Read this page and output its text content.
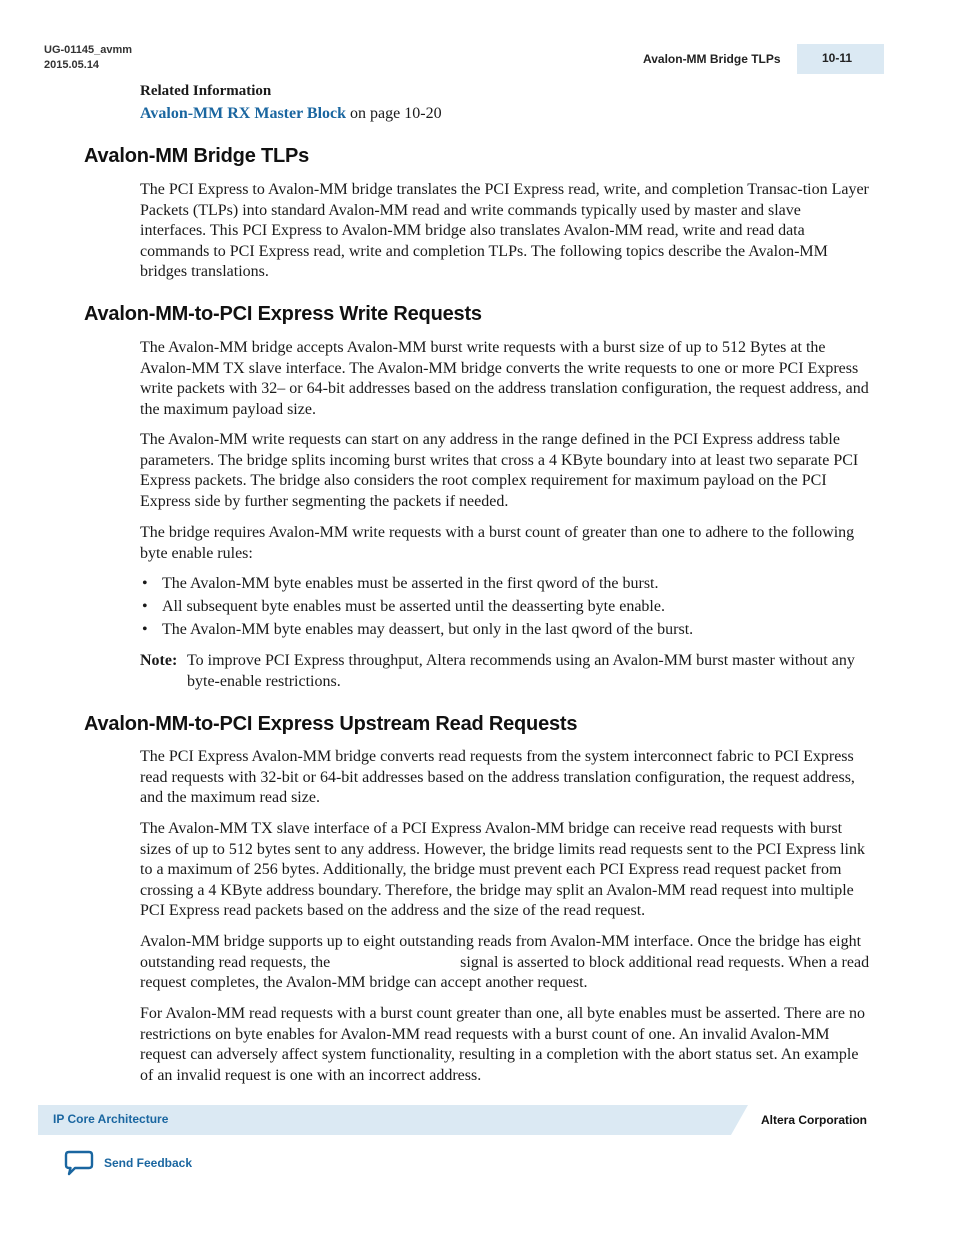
UG-01145_avmm
2015.05.14	Avalon-MM Bridge TLPs	10-11
Related Information
Avalon-MM RX Master Block on page 10-20
Avalon-MM Bridge TLPs

The PCI Express to Avalon‑MM bridge translates the PCI Express read, write, and completion Transac-tion Layer Packets (TLPs) into standard Avalon‑MM read and write commands typically used by master and slave interfaces. This PCI Express to Avalon‑MM bridge also translates Avalon‑MM read, write and read data commands to PCI Express read, write and completion TLPs. The following topics describe the Avalon‑MM bridges translations.

Avalon-MM-to-PCI Express Write Requests

The Avalon-MM bridge accepts Avalon-MM burst write requests with a burst size of up to 512 Bytes at the Avalon-MM TX slave interface. The Avalon‑MM bridge converts the write requests to one or more PCI Express write packets with 32– or 64‑bit addresses based on the address translation configuration, the request address, and the maximum payload size.

The Avalon-MM write requests can start on any address in the range defined in the PCI Express address table parameters. The bridge splits incoming burst writes that cross a 4 KByte boundary into at least two separate PCI Express packets. The bridge also considers the root complex requirement for maximum payload on the PCI Express side by further segmenting the packets if needed.

The bridge requires Avalon-MM write requests with a burst count of greater than one to adhere to the following byte enable rules:

• The Avalon-MM byte enables must be asserted in the first qword of the burst.
• All subsequent byte enables must be asserted until the deasserting byte enable.
• The Avalon-MM byte enables may deassert, but only in the last qword of the burst.
Note: To improve PCI Express throughput, Altera recommends using an Avalon-MM burst master without any byte-enable restrictions.
Avalon-MM-to-PCI Express Upstream Read Requests

The PCI Express Avalon-MM bridge converts read requests from the system interconnect fabric to PCI Express read requests with 32-bit or 64‑bit addresses based on the address translation configuration, the request address, and the maximum read size.

The Avalon-MM TX slave interface of a PCI Express Avalon‑MM bridge can receive read requests with burst sizes of up to 512 bytes sent to any address. However, the bridge limits read requests sent to the PCI Express link to a maximum of 256 bytes. Additionally, the bridge must prevent each PCI Express read request packet from crossing a 4 KByte address boundary. Therefore, the bridge may split an Avalon-MM read request into multiple PCI Express read packets based on the address and the size of the read request.

Avalon-MM bridge supports up to eight outstanding reads from Avalon-MM interface. Once the bridge has eight outstanding read requests, the	signal is asserted to block additional read requests. When a read request completes, the Avalon‑MM bridge can accept another request.

For Avalon-MM read requests with a burst count greater than one, all byte enables must be asserted. There are no restrictions on byte enables for Avalon-MM read requests with a burst count of one. An invalid Avalon-MM request can adversely affect system functionality, resulting in a completion with the abort status set. An example of an invalid request is one with an incorrect address.

IP Core Architecture	Altera Corporation
Send Feedback
